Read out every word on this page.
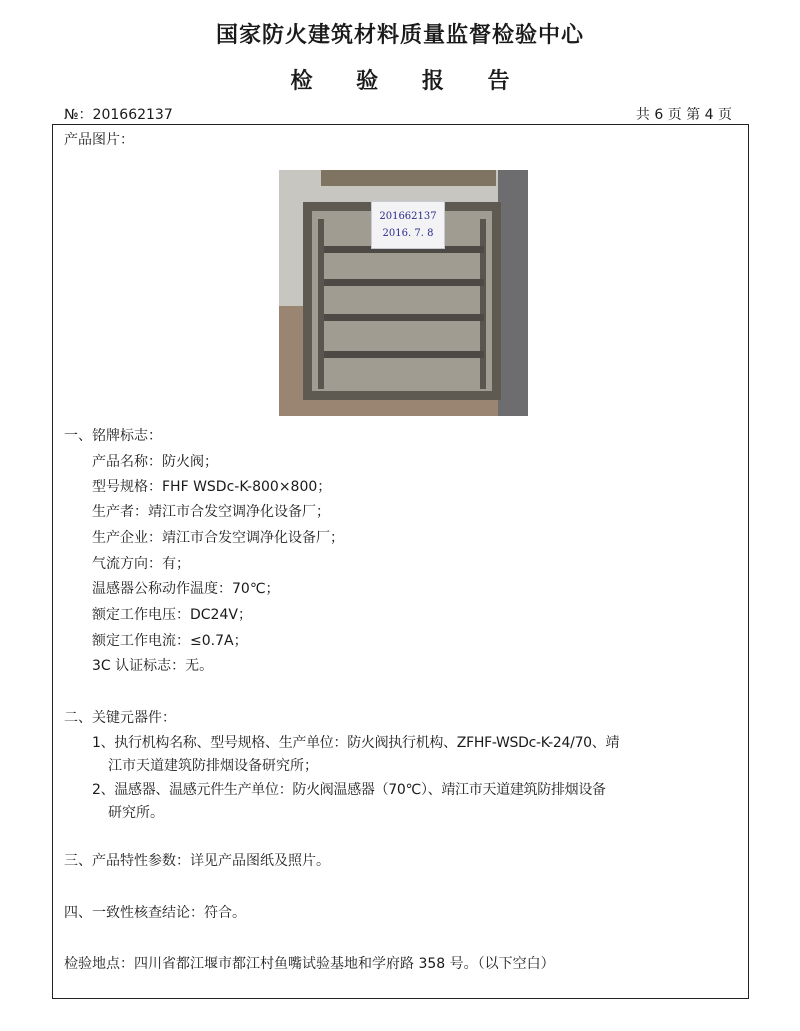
国家防火建筑材料质量监督检验中心
检 验 报 告
№：201662137	共 6 页 第 4 页
产品图片：
201662137
2016. 7. 8
一、铭牌标志：
产品名称：防火阀；
型号规格：FHF WSDc-K-800×800；
生产者：靖江市合发空调净化设备厂；
生产企业：靖江市合发空调净化设备厂；
气流方向：有；
温感器公称动作温度：70℃；
额定工作电压：DC24V；
额定工作电流：≤0.7A；
3C 认证标志：无。
二、关键元器件：
1、执行机构名称、型号规格、生产单位：防火阀执行机构、ZFHF-WSDc-K-24/70、靖
江市天道建筑防排烟设备研究所；
2、温感器、温感元件生产单位：防火阀温感器（70℃）、靖江市天道建筑防排烟设备
研究所。
三、产品特性参数：详见产品图纸及照片。
四、一致性核查结论：符合。
检验地点：四川省都江堰市都江村鱼嘴试验基地和学府路 358 号。（以下空白）
